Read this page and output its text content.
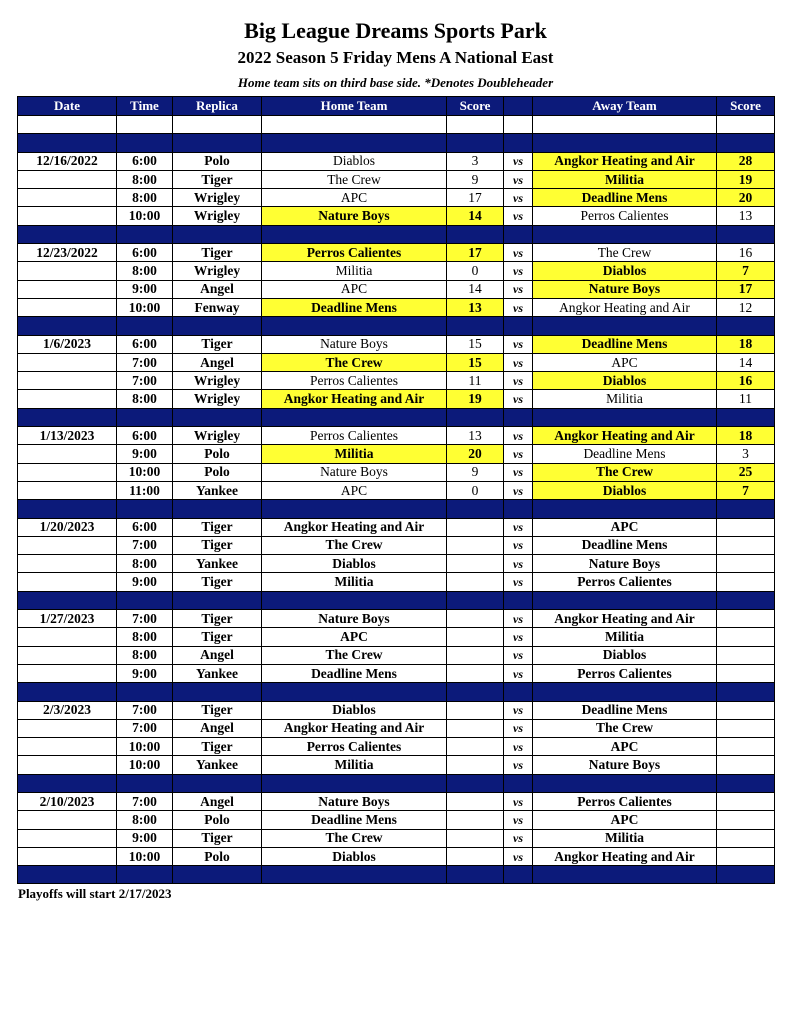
Big League Dreams Sports Park
2022 Season 5 Friday Mens A National East
Home team sits on third base side. *Denotes Doubleheader
Date	Time	Replica	Home Team	Score		Away Team	Score

12/16/2022	6:00	Polo	Diablos	3	vs	Angkor Heating and Air	28
	8:00	Tiger	The Crew	9	vs	Militia	19
	8:00	Wrigley	APC	17	vs	Deadline Mens	20
	10:00	Wrigley	Nature Boys	14	vs	Perros Calientes	13

12/23/2022	6:00	Tiger	Perros Calientes	17	vs	The Crew	16
	8:00	Wrigley	Militia	0	vs	Diablos	7
	9:00	Angel	APC	14	vs	Nature Boys	17
	10:00	Fenway	Deadline Mens	13	vs	Angkor Heating and Air	12

1/6/2023	6:00	Tiger	Nature Boys	15	vs	Deadline Mens	18
	7:00	Angel	The Crew	15	vs	APC	14
	7:00	Wrigley	Perros Calientes	11	vs	Diablos	16
	8:00	Wrigley	Angkor Heating and Air	19	vs	Militia	11

1/13/2023	6:00	Wrigley	Perros Calientes	13	vs	Angkor Heating and Air	18
	9:00	Polo	Militia	20	vs	Deadline Mens	3
	10:00	Polo	Nature Boys	9	vs	The Crew	25
	11:00	Yankee	APC	0	vs	Diablos	7

1/20/2023	6:00	Tiger	Angkor Heating and Air		vs	APC	
	7:00	Tiger	The Crew		vs	Deadline Mens	
	8:00	Yankee	Diablos		vs	Nature Boys	
	9:00	Tiger	Militia		vs	Perros Calientes	

1/27/2023	7:00	Tiger	Nature Boys		vs	Angkor Heating and Air	
	8:00	Tiger	APC		vs	Militia	
	8:00	Angel	The Crew		vs	Diablos	
	9:00	Yankee	Deadline Mens		vs	Perros Calientes	

2/3/2023	7:00	Tiger	Diablos		vs	Deadline Mens	
	7:00	Angel	Angkor Heating and Air		vs	The Crew	
	10:00	Tiger	Perros Calientes		vs	APC	
	10:00	Yankee	Militia		vs	Nature Boys	

2/10/2023	7:00	Angel	Nature Boys		vs	Perros Calientes	
	8:00	Polo	Deadline Mens		vs	APC	
	9:00	Tiger	The Crew		vs	Militia	
	10:00	Polo	Diablos		vs	Angkor Heating and Air	

Playoffs will start 2/17/2023
